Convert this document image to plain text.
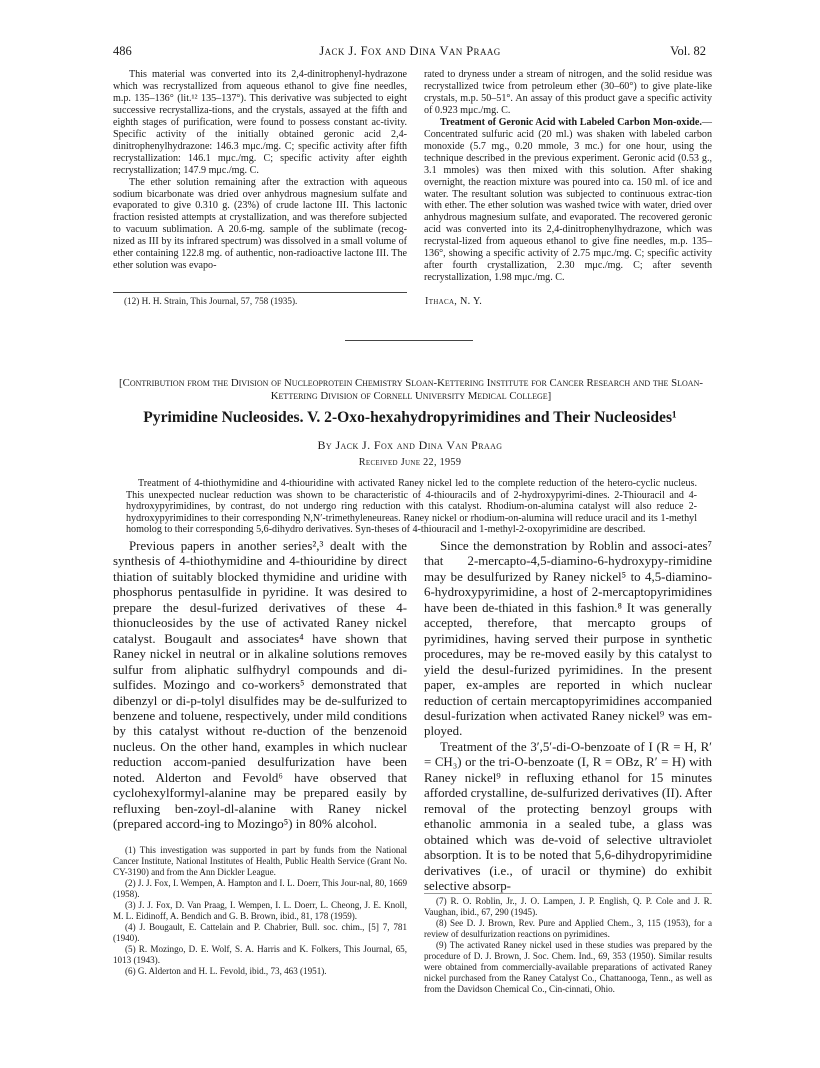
486	Jack J. Fox and Dina Van Praag	Vol. 82

This material was converted into its 2,4-dinitrophenyl-hydrazone which was recrystallized from aqueous ethanol to give fine needles, m.p. 135–136° (lit.¹² 135–137°). This derivative was subjected to eight successive recrystalliza-tions, and the crystals, assayed at the fifth and eighth stages of purification, were found to possess constant ac-tivity. Specific activity of the initially obtained geronic acid 2,4-dinitrophenylhydrazone: 146.3 mμc./mg. C; specific activity after fifth recrystallization: 146.1 mμc./mg. C; specific activity after eighth recrystallization; 147.9 mμc./mg. C.

The ether solution remaining after the extraction with aqueous sodium bicarbonate was dried over anhydrous magnesium sulfate and evaporated to give 0.310 g. (23%) of crude lactone III. This lactonic fraction resisted attempts at crystallization, and was therefore subjected to vacuum sublimation. A 20.6-mg. sample of the sublimate (recog-nized as III by its infrared spectrum) was dissolved in a small volume of ether containing 122.8 mg. of authentic, non-radioactive lactone III. The ether solution was evapo-

(12) H. H. Strain, This Journal, 57, 758 (1935).

rated to dryness under a stream of nitrogen, and the solid residue was recrystallized twice from petroleum ether (30–60°) to give plate-like crystals, m.p. 50–51°. An assay of this product gave a specific activity of 0.923 mμc./mg. C.

Treatment of Geronic Acid with Labeled Carbon Mon-oxide.—Concentrated sulfuric acid (20 ml.) was shaken with labeled carbon monoxide (5.7 mg., 0.20 mmole, 3 mc.) for one hour, using the technique described in the previous experiment. Geronic acid (0.53 g., 3.1 mmoles) was then mixed with this solution. After shaking overnight, the reaction mixture was poured into ca. 150 ml. of ice and water. The resultant solution was subjected to continuous extrac-tion with ether. The ether solution was washed twice with water, dried over anhydrous magnesium sulfate, and evaporated. The recovered geronic acid was converted into its 2,4-dinitrophenylhydrazone, which was recrystal-lized from aqueous ethanol to give fine needles, m.p. 135–136°, showing a specific activity of 2.75 mμc./mg. C; specific activity after fourth crystallization, 2.30 mμc./mg. C; after seventh recrystallization, 1.98 mμc./mg. C.

Ithaca, N. Y.
[Contribution from the Division of Nucleoprotein Chemistry Sloan-Kettering Institute for Cancer Research and the Sloan-Kettering Division of Cornell University Medical College]
Pyrimidine Nucleosides. V. 2-Oxo-hexahydropyrimidines and Their Nucleosides¹
By Jack J. Fox and Dina Van Praag
Received June 22, 1959

Treatment of 4-thiothymidine and 4-thiouridine with activated Raney nickel led to the complete reduction of the hetero-cyclic nucleus. This unexpected nuclear reduction was shown to be characteristic of 4-thiouracils and of 2-hydroxypyrimi-dines. 2-Thiouracil and 4-hydroxypyrimidines, by contrast, do not undergo ring reduction with this catalyst. Rhodium-on-alumina catalyst will also reduce 2-hydroxypyrimidines to their corresponding N,N′-trimethyleneureas. Raney nickel or rhodium-on-alumina will reduce uracil and its 1-methyl homolog to their corresponding 5,6-dihydro derivatives. Syn-theses of 4-thiouracil and 1-methyl-2-oxopyrimidine are described.

Previous papers in another series²,³ dealt with the synthesis of 4-thiothymidine and 4-thiouridine by direct thiation of suitably blocked thymidine and uridine with phosphorus pentasulfide in pyridine. It was desired to prepare the desul-furized derivatives of these 4-thionucleosides by the use of activated Raney nickel catalyst. Bougault and associates⁴ have shown that Raney nickel in neutral or in alkaline solutions removes sulfur from aliphatic sulfhydryl compounds and di-sulfides. Mozingo and co-workers⁵ demonstrated that dibenzyl or di-p-tolyl disulfides may be de-sulfurized to benzene and toluene, respectively, under mild conditions by this catalyst without re-duction of the benzenoid nucleus. On the other hand, examples in which nuclear reduction accom-panied desulfurization have been noted. Alderton and Fevold⁶ have observed that cyclohexylformyl-alanine may be prepared easily by refluxing ben-zoyl-dl-alanine with Raney nickel (prepared accord-ing to Mozingo⁵) in 80% alcohol.

(1) This investigation was supported in part by funds from the National Cancer Institute, National Institutes of Health, Public Health Service (Grant No. CY-3190) and from the Ann Dickler League.

(2) J. J. Fox, I. Wempen, A. Hampton and I. L. Doerr, This Jour-nal, 80, 1669 (1958).

(3) J. J. Fox, D. Van Praag, I. Wempen, I. L. Doerr, L. Cheong, J. E. Knoll, M. L. Eidinoff, A. Bendich and G. B. Brown, ibid., 81, 178 (1959).

(4) J. Bougault, E. Cattelain and P. Chabrier, Bull. soc. chim., [5] 7, 781 (1940).

(5) R. Mozingo, D. E. Wolf, S. A. Harris and K. Folkers, This Journal, 65, 1013 (1943).

(6) G. Alderton and H. L. Fevold, ibid., 73, 463 (1951).

Since the demonstration by Roblin and associ-ates⁷ that 2-mercapto-4,5-diamino-6-hydroxypy-rimidine may be desulfurized by Raney nickel⁵ to 4,5-diamino-6-hydroxypyrimidine, a host of 2-mercaptopyrimidines have been de-thiated in this fashion.⁸ It was generally accepted, therefore, that mercapto groups of pyrimidines, having served their purpose in synthetic procedures, may be re-moved easily by this catalyst to yield the desul-furized pyrimidines. In the present paper, ex-amples are reported in which nuclear reduction of certain mercaptopyrimidines accompanied desul-furization when activated Raney nickel⁹ was em-ployed.

Treatment of the 3′,5′-di-O-benzoate of I (R = H, R′ = CH₃) or the tri-O-benzoate (I, R = OBz, R′ = H) with Raney nickel⁹ in refluxing ethanol for 15 minutes afforded crystalline, de-sulfurized derivatives (II). After removal of the protecting benzoyl groups with ethanolic ammonia in a sealed tube, a glass was obtained which was de-void of selective ultraviolet absorption. It is to be noted that 5,6-dihydropyrimidine derivatives (i.e., of uracil or thymine) do exhibit selective absorp-

(7) R. O. Roblin, Jr., J. O. Lampen, J. P. English, Q. P. Cole and J. R. Vaughan, ibid., 67, 290 (1945).

(8) See D. J. Brown, Rev. Pure and Applied Chem., 3, 115 (1953), for a review of desulfurization reactions on pyrimidines.

(9) The activated Raney nickel used in these studies was prepared by the procedure of D. J. Brown, J. Soc. Chem. Ind., 69, 353 (1950). Similar results were obtained from commercially-available preparations of activated Raney nickel purchased from the Raney Catalyst Co., Chattanooga, Tenn., as well as from the Davidson Chemical Co., Cin-cinnati, Ohio.
